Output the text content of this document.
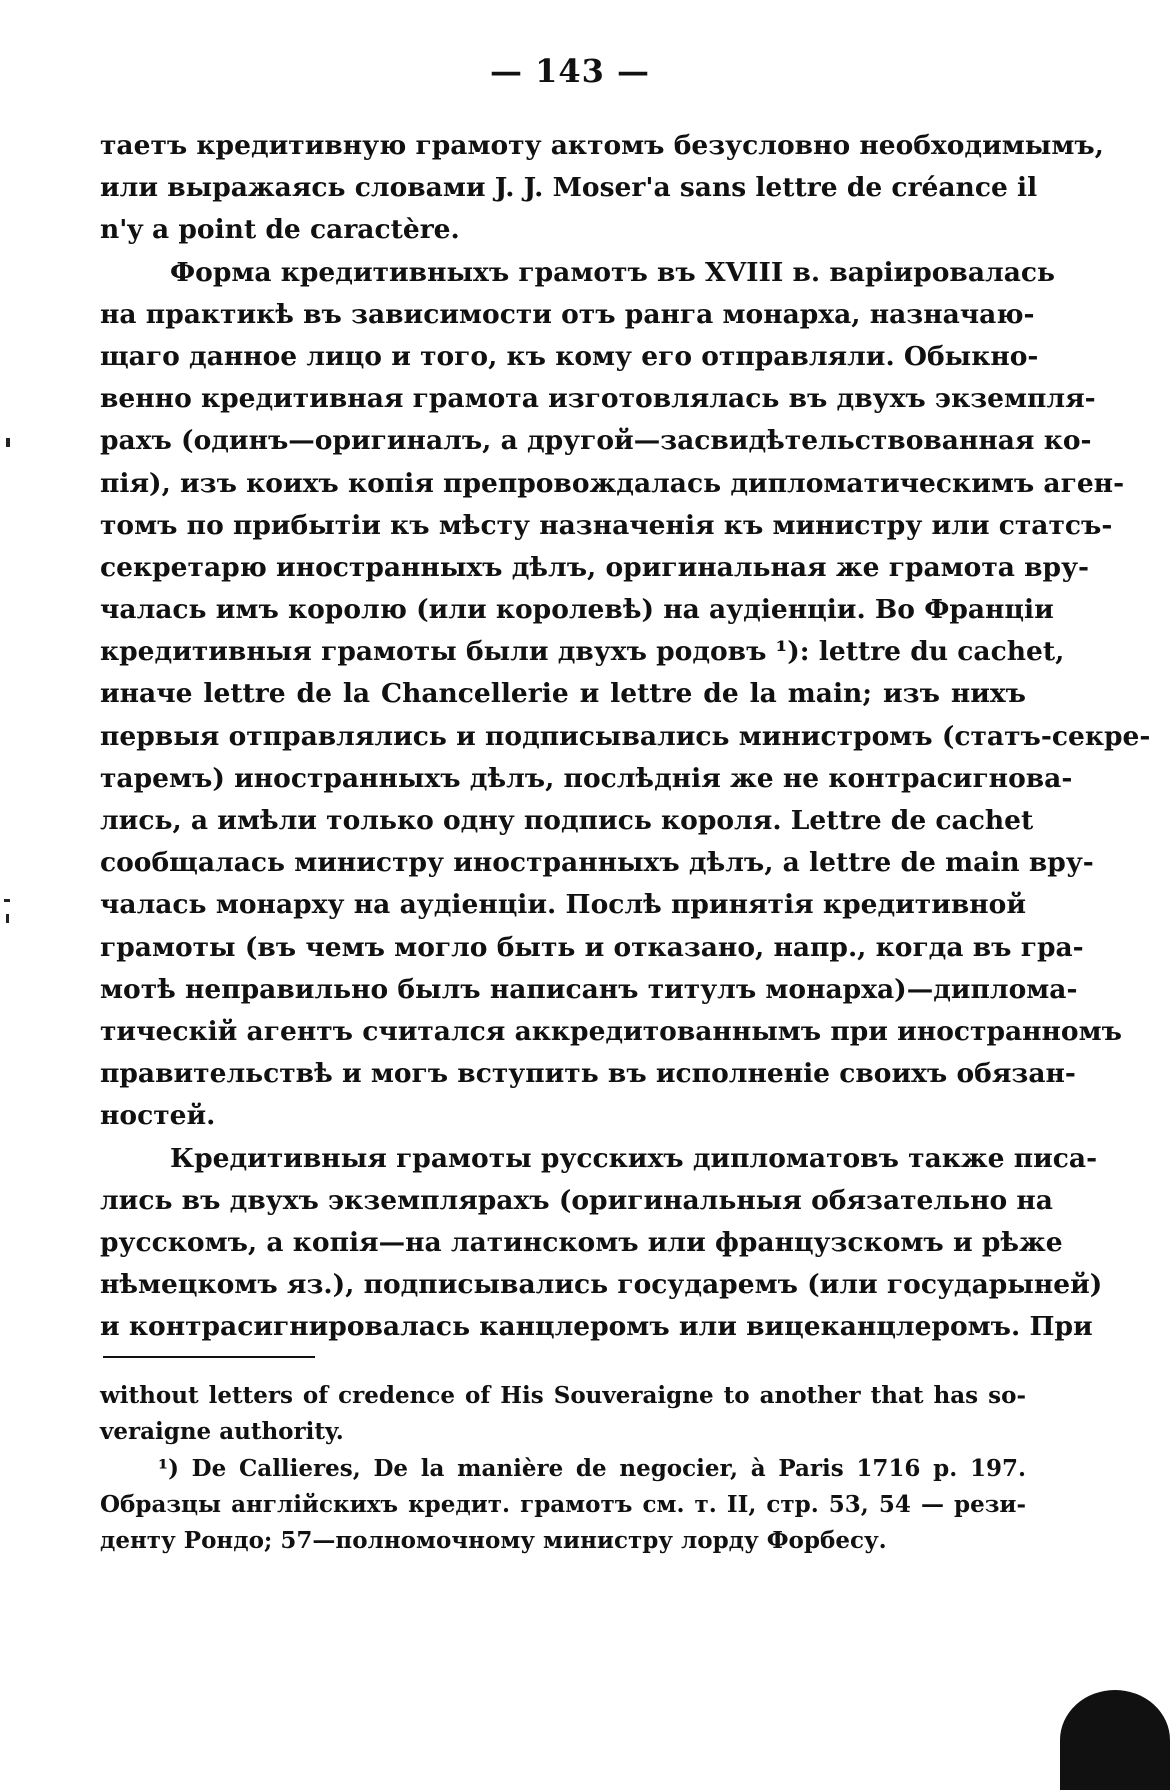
— 143 —
таетъ кредитивную грамоту актомъ безусловно необходимымъ,
или выражаясь словами J. J. Moser'a sans lettre de créance il
n'y a point de caractère.
Форма кредитивныхъ грамотъ въ XVIII в. варіировалась
на практикѣ въ зависимости отъ ранга монарха, назначаю-
щаго данное лицо и того, къ кому его отправляли. Обыкно-
венно кредитивная грамота изготовлялась въ двухъ экземпля-
рахъ (одинъ—оригиналъ, а другой—засвидѣтельствованная ко-
пія), изъ коихъ копія препровождалась дипломатическимъ аген-
томъ по прибытіи къ мѣсту назначенія къ министру или статсъ-
секретарю иностранныхъ дѣлъ, оригинальная же грамота вру-
чалась имъ королю (или королевѣ) на аудіенціи. Во Франціи
кредитивныя грамоты были двухъ родовъ ¹): lettre du cachet,
иначе lettre de la Chancellerie и lettre de la main; изъ нихъ
первыя отправлялись и подписывались министромъ (статъ-секре-
таремъ) иностранныхъ дѣлъ, послѣднія же не контрасигнова-
лись, а имѣли только одну подпись короля. Lettre de cachet
сообщалась министру иностранныхъ дѣлъ, а lettre de main вру-
чалась монарху на аудіенціи. Послѣ принятія кредитивной
грамоты (въ чемъ могло быть и отказано, напр., когда въ гра-
мотѣ неправильно былъ написанъ титулъ монарха)—диплома-
тическій агентъ считался аккредитованнымъ при иностранномъ
правительствѣ и могъ вступить въ исполненіе своихъ обязан-
ностей.
Кредитивныя грамоты русскихъ дипломатовъ также писа-
лись въ двухъ экземплярахъ (оригинальныя обязательно на
русскомъ, а копія—на латинскомъ или французскомъ и рѣже
нѣмецкомъ яз.), подписывались государемъ (или государыней)
и контрасигнировалась канцлеромъ или вицеканцлеромъ. При
without letters of credence of His Souveraigne to another that has so-
veraigne authority.
¹) De Callieres, De la manière de negocier, à Paris 1716 p. 197.
Образцы англійскихъ кредит. грамотъ см. т. II, стр. 53, 54 — рези-
денту Рондо; 57—полномочному министру лорду Форбесу.
